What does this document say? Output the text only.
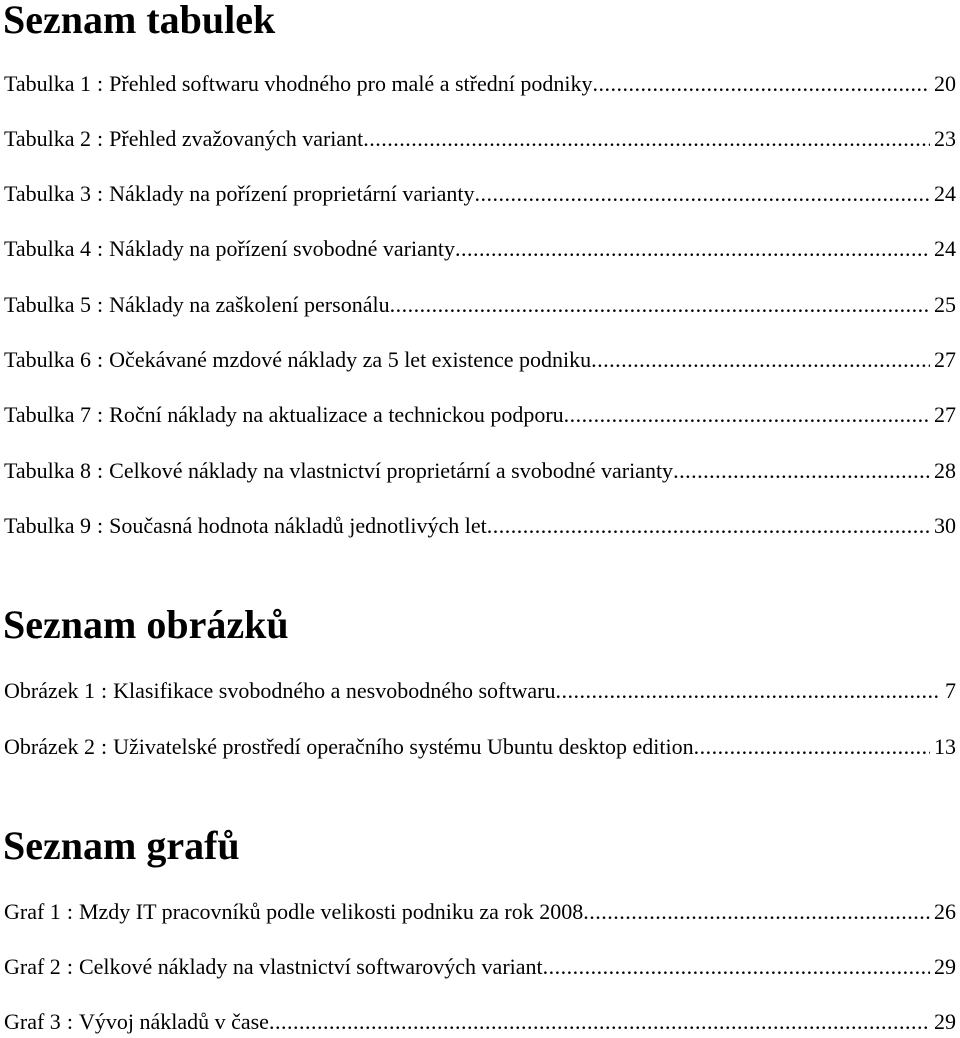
Seznam tabulek
Tabulka 1 : Přehled softwaru vhodného pro malé a střední podniky .....	20
Tabulka 2 : Přehled zvažovaných variant .....	23
Tabulka 3 : Náklady na pořízení proprietární varianty .....	24
Tabulka 4 : Náklady na pořízení svobodné varianty .....	24
Tabulka 5 : Náklady na zaškolení personálu .....	25
Tabulka 6 : Očekávané mzdové náklady za 5 let existence podniku .....	27
Tabulka 7 : Roční náklady na aktualizace a technickou podporu .....	27
Tabulka 8 : Celkové náklady na vlastnictví proprietární a svobodné varianty .....	28
Tabulka 9 : Současná hodnota nákladů jednotlivých let .....	30
Seznam obrázků
Obrázek 1 : Klasifikace svobodného a nesvobodného softwaru .....	7
Obrázek 2 : Uživatelské prostředí operačního systému Ubuntu desktop edition .....	13
Seznam grafů
Graf 1 : Mzdy IT pracovníků podle velikosti podniku za rok 2008 .....	26
Graf 2 : Celkové náklady na vlastnictví softwarových variant .....	29
Graf 3 : Vývoj nákladů v čase .....	29
